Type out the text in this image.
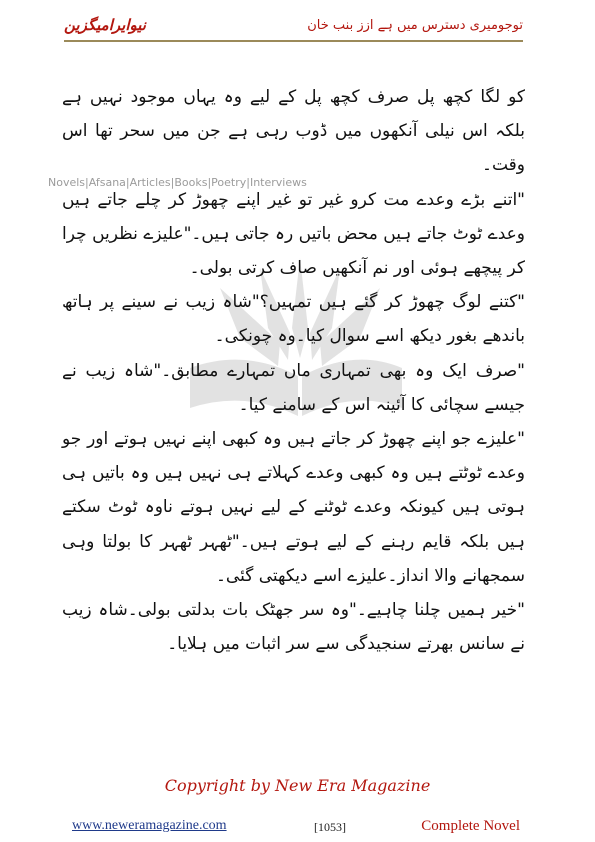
نیوایرامیگزین	توجومیری دسترس میں ہے ازز بنب خان
Novels|Afsana|Articles|Books|Poetry|Interviews

کو لگا کچھ پل صرف کچھ پل کے لیے وہ یہاں موجود نہیں ہے بلکہ اس نیلی آنکھوں میں ڈوب رہی ہے جن میں سحر تھا اس وقت۔

"اتنے بڑے وعدے مت کرو غیر تو غیر اپنے چھوڑ کر چلے جاتے ہیں وعدے ٹوٹ جاتے ہیں محض باتیں رہ جاتی ہیں۔"علیزے نظریں چرا کر پیچھے ہوئی اور نم آنکھیں صاف کرتی بولی۔

"کتنے لوگ چھوڑ کر گئے ہیں تمہیں؟"شاہ زیب نے سینے پر ہاتھ باندھے بغور دیکھ اسے سوال کیا۔وہ چونکی۔

"صرف ایک وہ بھی تمہاری ماں تمہارے مطابق۔"شاہ زیب نے جیسے سچائی کا آئینہ اس کے سامنے کیا۔

"علیزے جو اپنے چھوڑ کر جاتے ہیں وہ کبھی اپنے نہیں ہوتے اور جو وعدے ٹوٹتے ہیں وہ کبھی وعدے کہلاتے ہی نہیں ہیں وہ باتیں ہی ہوتی ہیں کیونکہ وعدے ٹوٹنے کے لیے نہیں ہوتے ناوہ ٹوٹ سکتے ہیں بلکہ قایم رہنے کے لیے ہوتے ہیں۔"ٹھہر ٹھہر کا بولتا وہی سمجھانے والا انداز۔علیزے اسے دیکھتی گئی۔

"خیر ہمیں چلنا چاہیے۔"وہ سر جھٹک بات بدلتی بولی۔شاہ زیب نے سانس بھرتے سنجیدگی سے سر اثبات میں ہلایا۔

Copyright by New Era Magazine
www.neweramagazine.com	[1053]	Complete Novel
